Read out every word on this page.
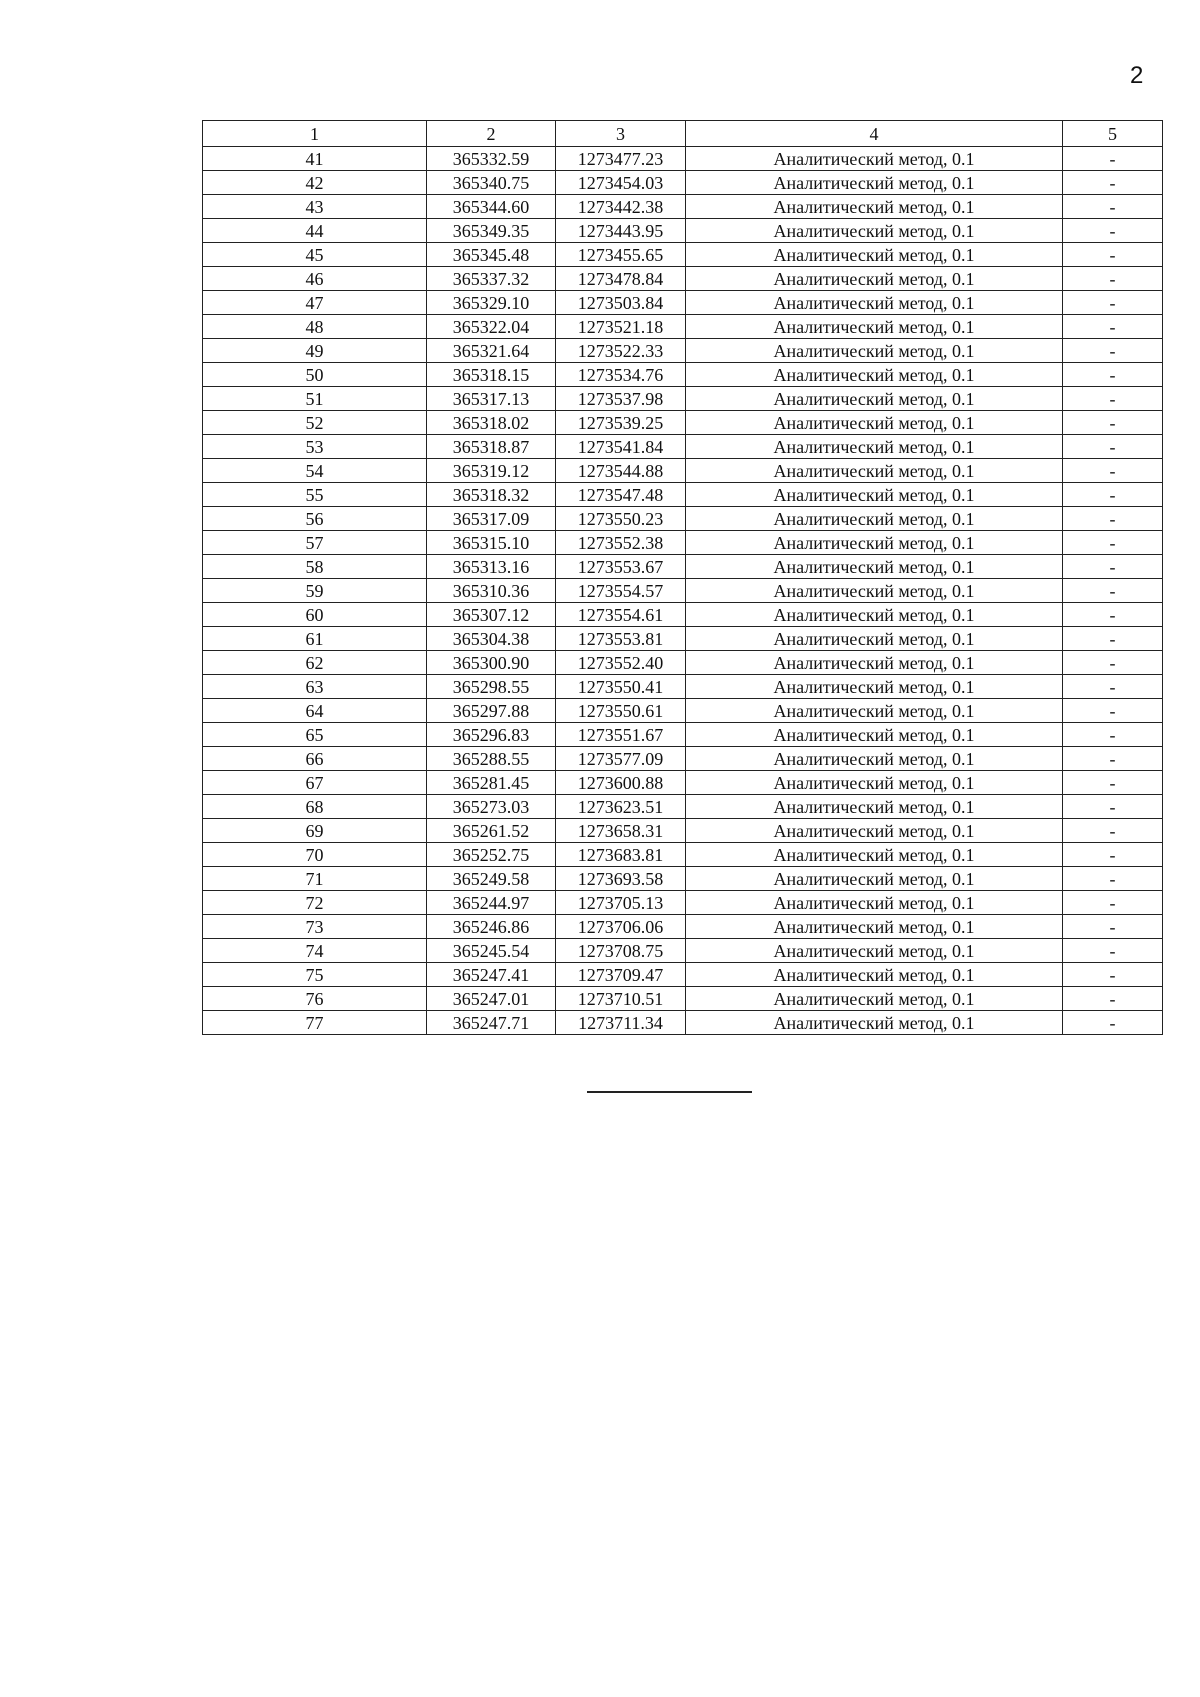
2
1	2	3	4	5
41	365332.59	1273477.23	Аналитический метод, 0.1	-
42	365340.75	1273454.03	Аналитический метод, 0.1	-
43	365344.60	1273442.38	Аналитический метод, 0.1	-
44	365349.35	1273443.95	Аналитический метод, 0.1	-
45	365345.48	1273455.65	Аналитический метод, 0.1	-
46	365337.32	1273478.84	Аналитический метод, 0.1	-
47	365329.10	1273503.84	Аналитический метод, 0.1	-
48	365322.04	1273521.18	Аналитический метод, 0.1	-
49	365321.64	1273522.33	Аналитический метод, 0.1	-
50	365318.15	1273534.76	Аналитический метод, 0.1	-
51	365317.13	1273537.98	Аналитический метод, 0.1	-
52	365318.02	1273539.25	Аналитический метод, 0.1	-
53	365318.87	1273541.84	Аналитический метод, 0.1	-
54	365319.12	1273544.88	Аналитический метод, 0.1	-
55	365318.32	1273547.48	Аналитический метод, 0.1	-
56	365317.09	1273550.23	Аналитический метод, 0.1	-
57	365315.10	1273552.38	Аналитический метод, 0.1	-
58	365313.16	1273553.67	Аналитический метод, 0.1	-
59	365310.36	1273554.57	Аналитический метод, 0.1	-
60	365307.12	1273554.61	Аналитический метод, 0.1	-
61	365304.38	1273553.81	Аналитический метод, 0.1	-
62	365300.90	1273552.40	Аналитический метод, 0.1	-
63	365298.55	1273550.41	Аналитический метод, 0.1	-
64	365297.88	1273550.61	Аналитический метод, 0.1	-
65	365296.83	1273551.67	Аналитический метод, 0.1	-
66	365288.55	1273577.09	Аналитический метод, 0.1	-
67	365281.45	1273600.88	Аналитический метод, 0.1	-
68	365273.03	1273623.51	Аналитический метод, 0.1	-
69	365261.52	1273658.31	Аналитический метод, 0.1	-
70	365252.75	1273683.81	Аналитический метод, 0.1	-
71	365249.58	1273693.58	Аналитический метод, 0.1	-
72	365244.97	1273705.13	Аналитический метод, 0.1	-
73	365246.86	1273706.06	Аналитический метод, 0.1	-
74	365245.54	1273708.75	Аналитический метод, 0.1	-
75	365247.41	1273709.47	Аналитический метод, 0.1	-
76	365247.01	1273710.51	Аналитический метод, 0.1	-
77	365247.71	1273711.34	Аналитический метод, 0.1	-
